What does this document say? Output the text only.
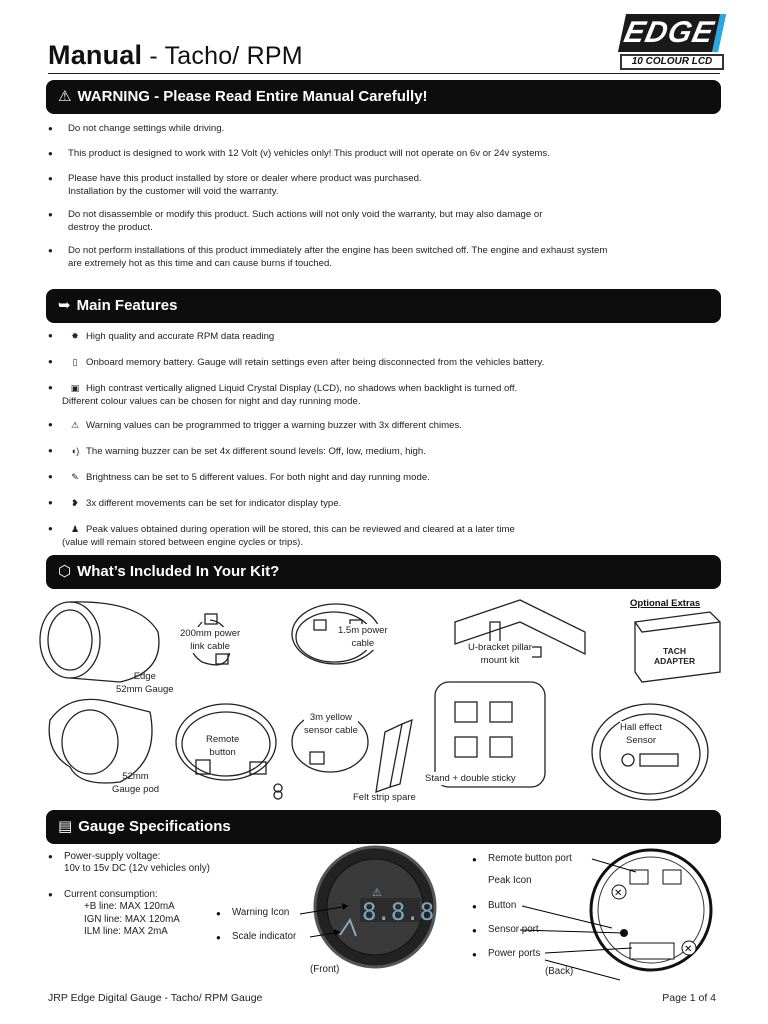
Manual - Tacho/ RPM
EDGE
10 COLOUR LCD
⚠ WARNING - Please Read Entire Manual Carefully!
● Do not change settings while driving.
● This product is designed to work with 12 Volt (v) vehicles only! This product will not operate on 6v or 24v systems.
● Please have this product installed by store or dealer where product was purchased.
Installation by the customer will void the warranty.
● Do not disassemble or modify this product. Such actions will not only void the warranty, but may also damage or
destroy the product.
● Do not perform installations of this product immediately after the engine has been switched off. The engine and exhaust system
are extremely hot as this time and can cause burns if touched.
➥ Main Features
● ✸ High quality and accurate RPM data reading
● ▯ Onboard memory battery. Gauge will retain settings even after being disconnected from the vehicles battery.
● ▣ High contrast vertically aligned Liquid Crystal Display (LCD), no shadows when backlight is turned off.
Different colour values can be chosen for night and day running mode.
● ⚠ Warning values can be programmed to trigger a warning buzzer with 3x different chimes.
● ◖) The warning buzzer can be set 4x different sound levels: Off, low, medium, high.
● ✎ Brightness can be set to 5 different values. For both night and day running mode.
● ❥ 3x different movements can be set for indicator display type.
● ♟ Peak values obtained during operation will be stored, this can be reviewed and cleared at a later time
(value will remain stored between engine cycles or trips).
⬡ What’s Included In Your Kit?
Optional Extras
Edge
52mm Gauge
200mm power
link cable
1.5m power
cable	U-bracket pillar
mount kit
TACH
ADAPTER
52mm
Gauge pod
Remote
button
3m yellow
sensor cable
Felt strip spare
Stand + double sticky
Hall effect
Sensor
▤ Gauge Specifications
● Power-supply voltage:
10v to 15v DC (12v vehicles only)
● Current consumption:
+B line: MAX 120mA
IGN line: MAX 120mA
ILM line: MAX 2mA
8.8.8
⚠	✕
✕
● Warning Icon
● Scale indicator
(Front)
● Remote button port
Peak Icon
● Button
● Sensor port
● Power ports
(Back)
JRP Edge Digital Gauge - Tacho/ RPM Gauge	Page 1 of 4
